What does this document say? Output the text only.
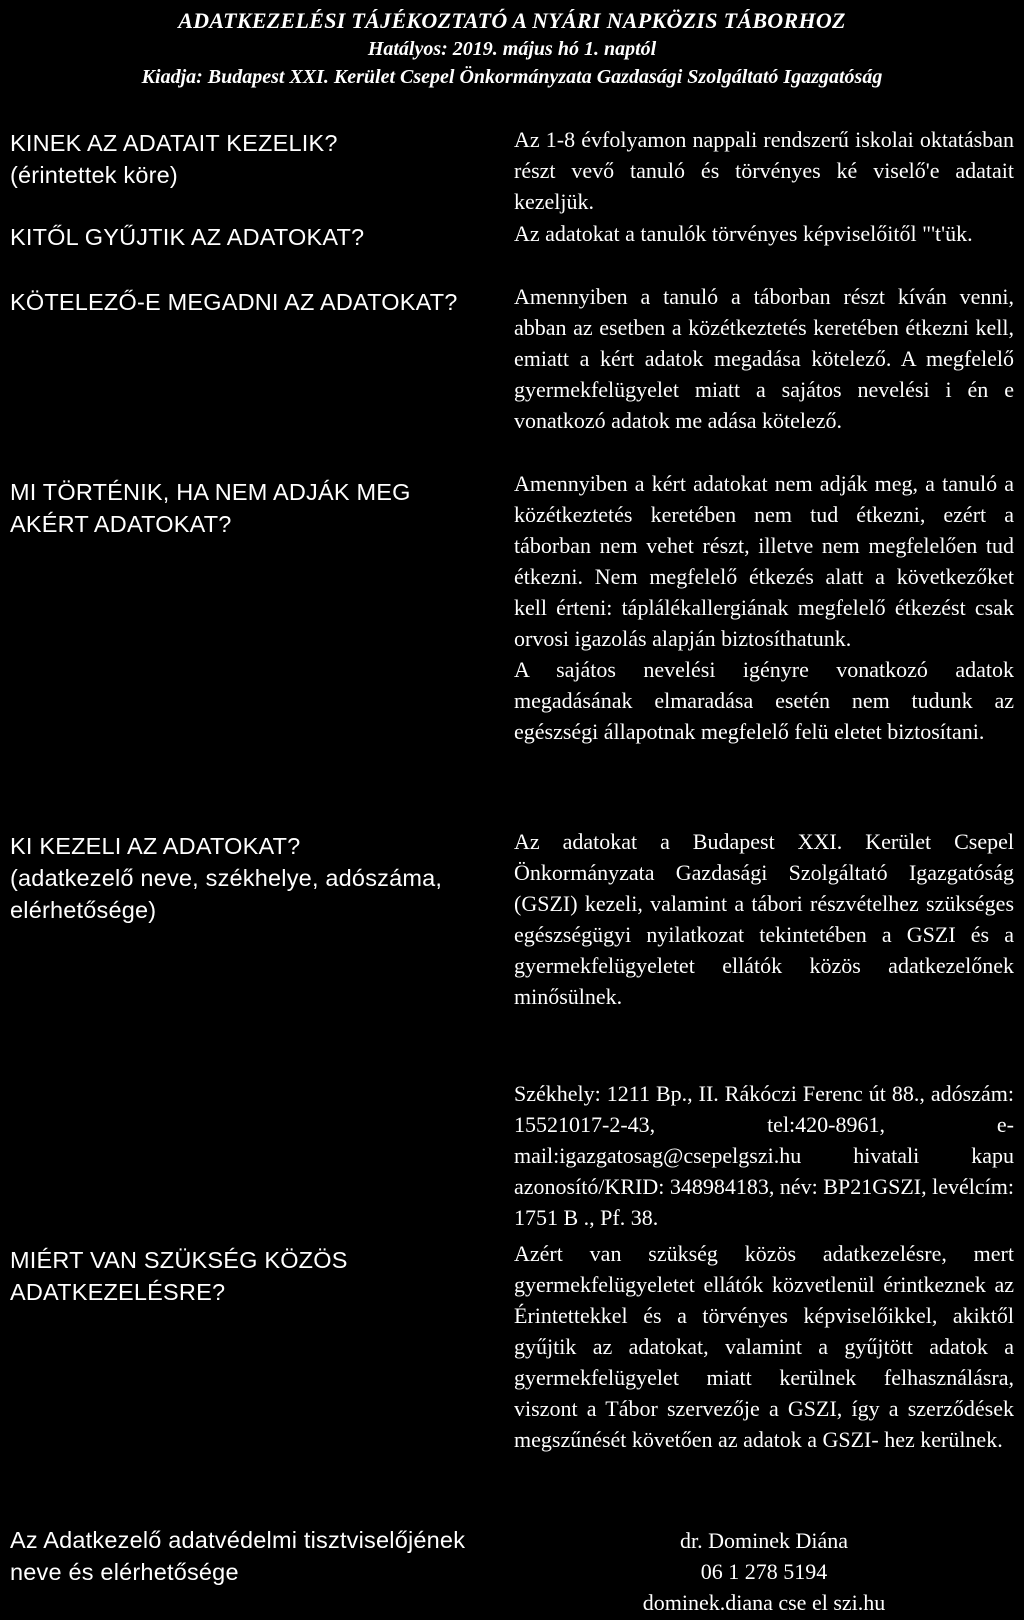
ADATKEZELÉSI TÁJÉKOZTATÓ A NYÁRI NAPKÖZIS TÁBORHOZ
Hatályos: 2019. május hó 1. naptól
Kiadja: Budapest XXI. Kerület Csepel Önkormányzata Gazdasági Szolgáltató Igazgatóság
KINEK AZ ADATAIT KEZELIK?
(érintettek köre)

Az 1-8 évfolyamon nappali rendszerű iskolai oktatásban részt vevő tanuló és törvényes ké viselő'e adatait kezeljük.

KITŐL GYŰJTIK AZ ADATOKAT?	Az adatokat a tanulók törvényes képviselőitől "'t'ük.

KÖTELEZŐ-E MEGADNI AZ ADATOKAT?	Amennyiben a tanuló a táborban részt kíván venni, abban az esetben a közétkeztetés keretében étkezni kell, emiatt a kért adatok megadása kötelező. A megfelelő gyermekfelügyelet miatt a sajátos nevelési i én e vonatkozó adatok me adása kötelező.

MI TÖRTÉNIK, HA NEM ADJÁK MEG AKÉRT ADATOKAT?

Amennyiben a kért adatokat nem adják meg, a tanuló a közétkeztetés keretében nem tud étkezni, ezért a táborban nem vehet részt, illetve nem megfelelően tud étkezni. Nem megfelelő étkezés alatt a következőket kell érteni: táplálékallergiának megfelelő étkezést csak orvosi igazolás alapján biztosíthatunk.

A sajátos nevelési igényre vonatkozó adatok megadásának elmaradása esetén nem tudunk az egészségi állapotnak megfelelő felü eletet biztosítani.

KI KEZELI AZ ADATOKAT?
(adatkezelő neve, székhelye, adószáma, elérhetősége)

Az adatokat a Budapest XXI. Kerület Csepel Önkormányzata Gazdasági Szolgáltató Igazgatóság (GSZI) kezeli, valamint a tábori részvételhez szükséges egészségügyi nyilatkozat tekintetében a GSZI és a gyermekfelügyeletet ellátók közös adatkezelőnek minősülnek.

Székhely: 1211 Bp., II. Rákóczi Ferenc út 88., adószám: 15521017-2-43, tel:420-8961, e-mail:igazgatosag@csepelgszi.hu hivatali kapu azonosító/KRID: 348984183, név: BP21GSZI, levélcím: 1751 B ., Pf. 38.

MIÉRT VAN SZÜKSÉG KÖZÖS ADATKEZELÉSRE?

Azért van szükség közös adatkezelésre, mert gyermekfelügyeletet ellátók közvetlenül érintkeznek az Érintettekkel és a törvényes képviselőikkel, akiktől gyűjtik az adatokat, valamint a gyűjtött adatok a gyermekfelügyelet miatt kerülnek felhasználásra, viszont a Tábor szervezője a GSZI, így a szerződések megszűnését követően az adatok a GSZI- hez kerülnek.

Az Adatkezelő adatvédelmi tisztviselőjének neve és elérhetősége
dr. Dominek Diána
06 1 278 5194
dominek.diana cse el szi.hu
